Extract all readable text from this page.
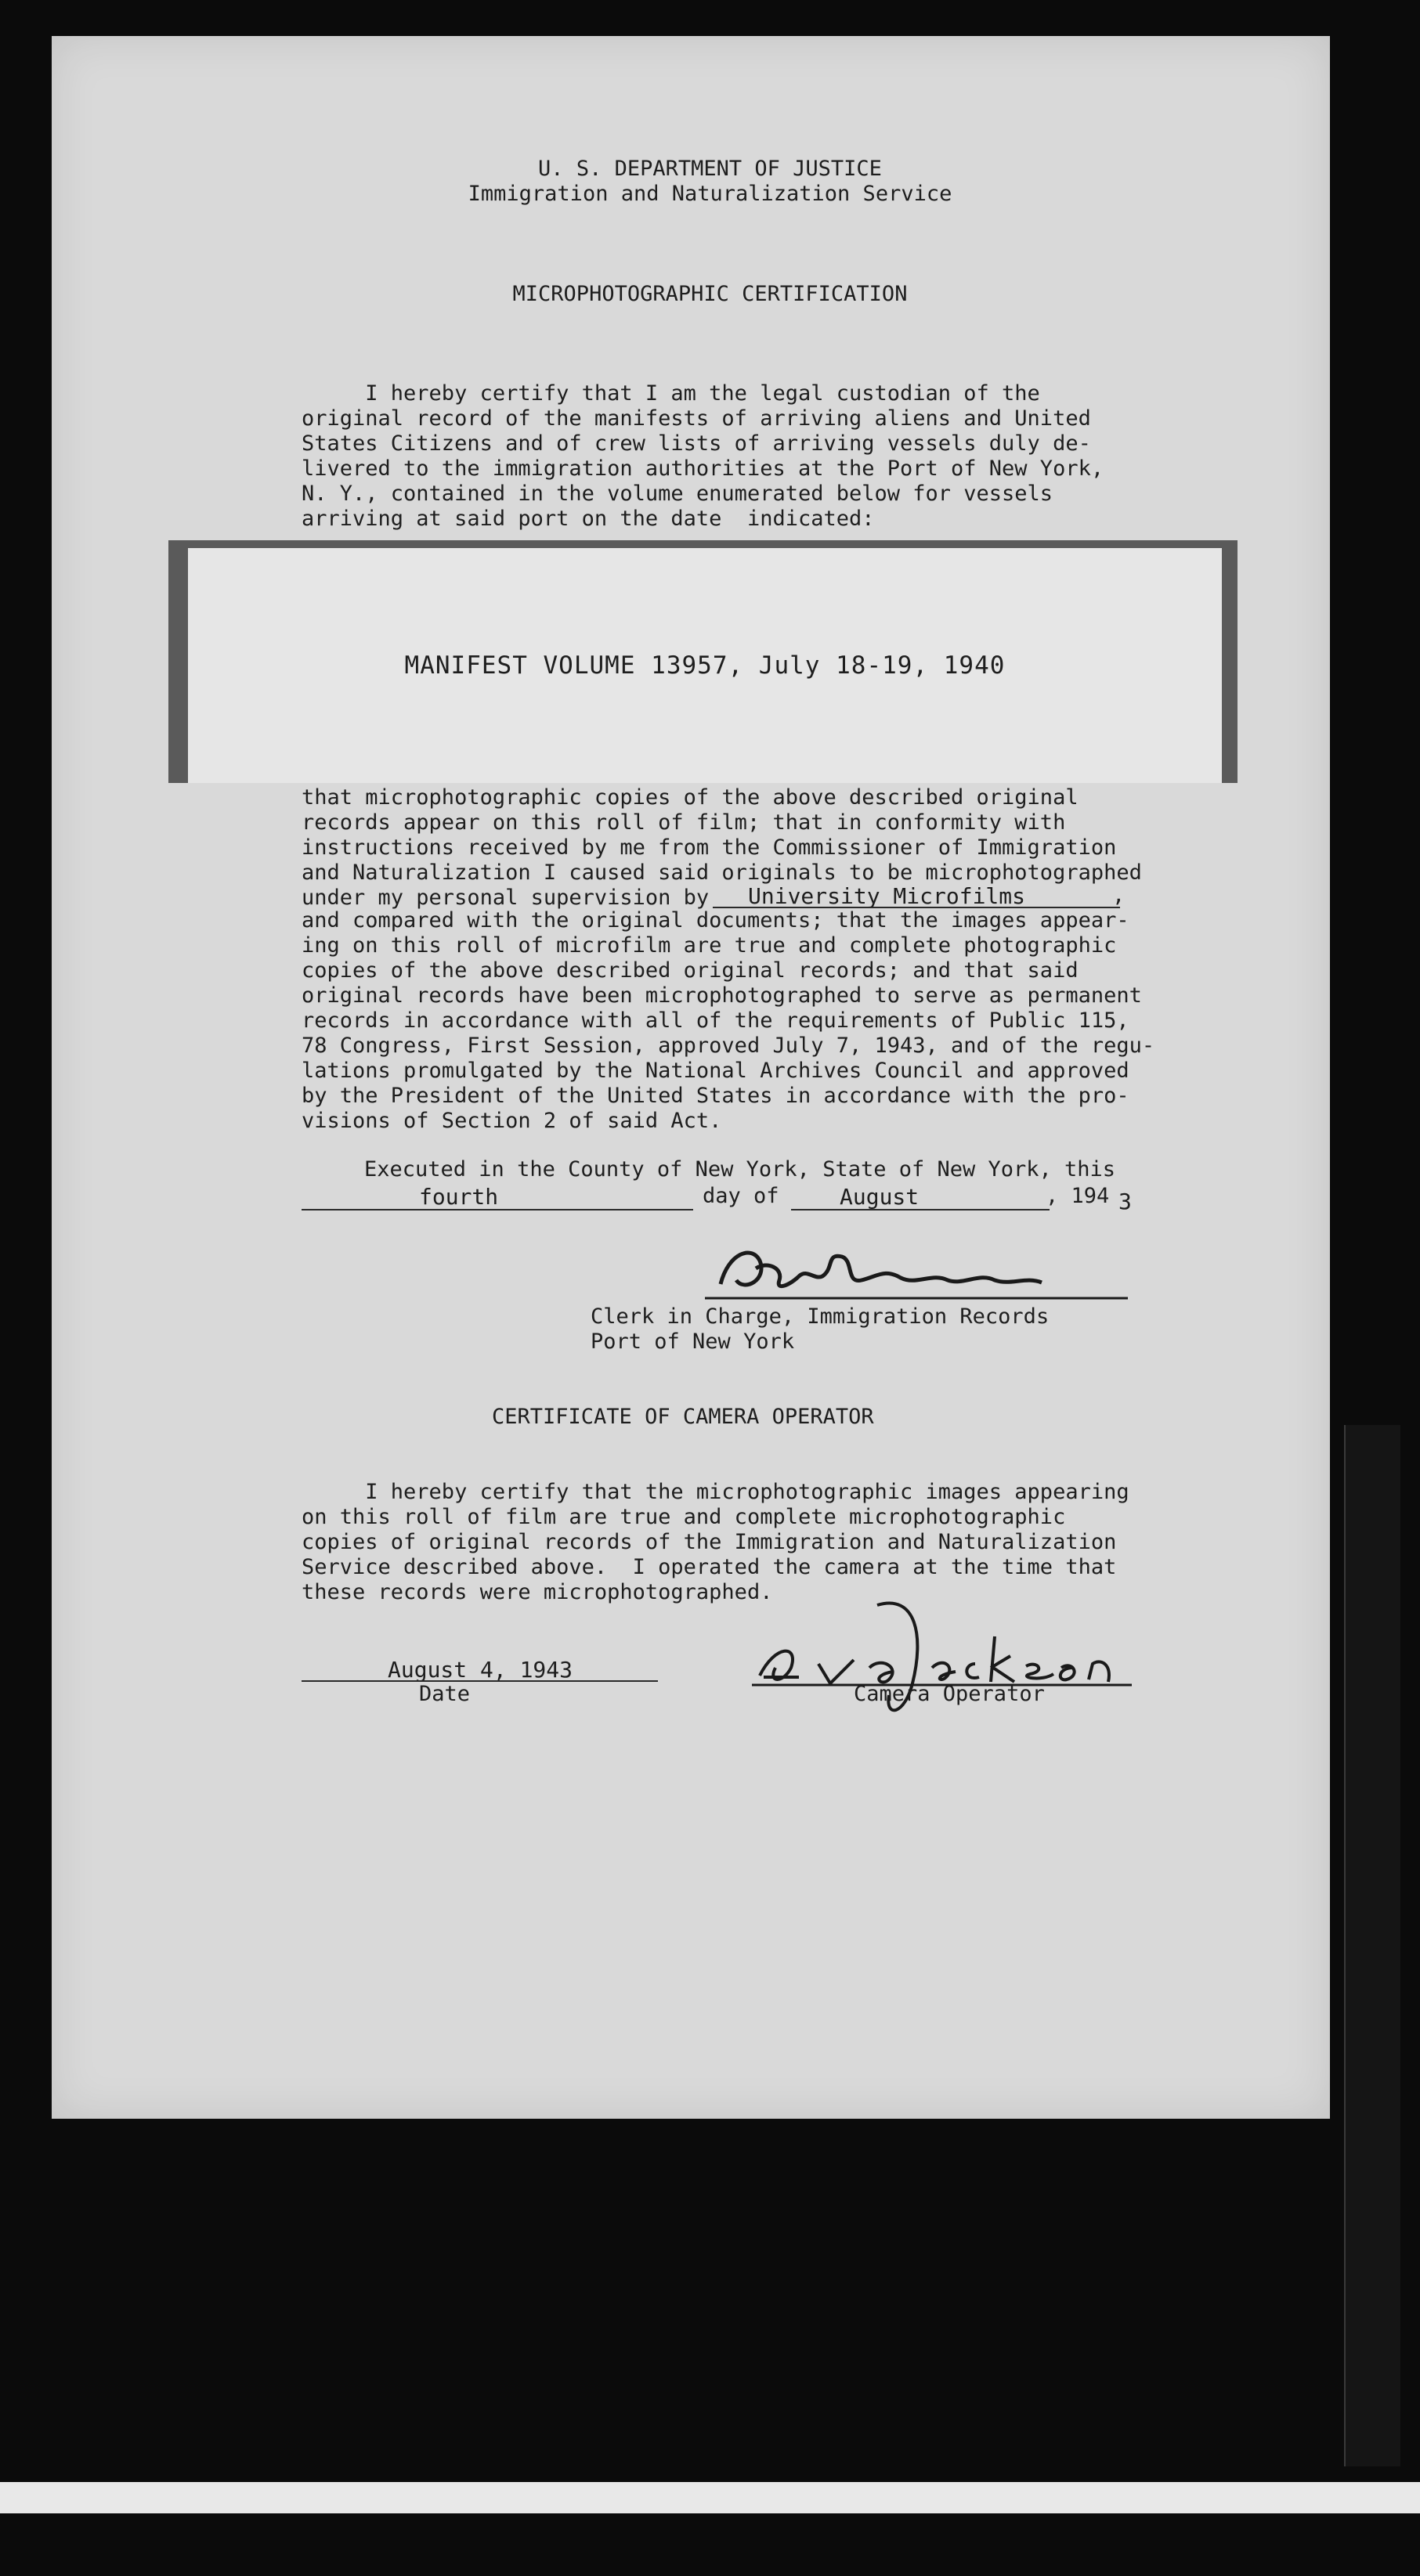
U. S. DEPARTMENT OF JUSTICE
Immigration and Naturalization Service
MICROPHOTOGRAPHIC CERTIFICATION
I hereby certify that I am the legal custodian of the
original record of the manifests of arriving aliens and United
States Citizens and of crew lists of arriving vessels duly de-
livered to the immigration authorities at the Port of New York,
N. Y., contained in the volume enumerated below for vessels
arriving at said port on the date  indicated:
MANIFEST VOLUME 13957, July 18-19, 1940
that microphotographic copies of the above described original
records appear on this roll of film; that in conformity with
instructions received by me from the Commissioner of Immigration
and Naturalization I caused said originals to be microphotographed
under my personal supervision by	University Microfilms	,
and compared with the original documents; that the images appear-
ing on this roll of microfilm are true and complete photographic
copies of the above described original records; and that said
original records have been microphotographed to serve as permanent
records in accordance with all of the requirements of Public 115,
78 Congress, First Session, approved July 7, 1943, and of the regu-
lations promulgated by the National Archives Council and approved
by the President of the United States in accordance with the pro-
visions of Section 2 of said Act.
Executed in the County of New York, State of New York, this
fourth	day of	August	, 194 3
Clerk in Charge, Immigration Records
Port of New York
CERTIFICATE OF CAMERA OPERATOR
I hereby certify that the microphotographic images appearing
on this roll of film are true and complete microphotographic
copies of original records of the Immigration and Naturalization
Service described above.  I operated the camera at the time that
these records were microphotographed.
August 4, 1943
Date	Camera Operator
